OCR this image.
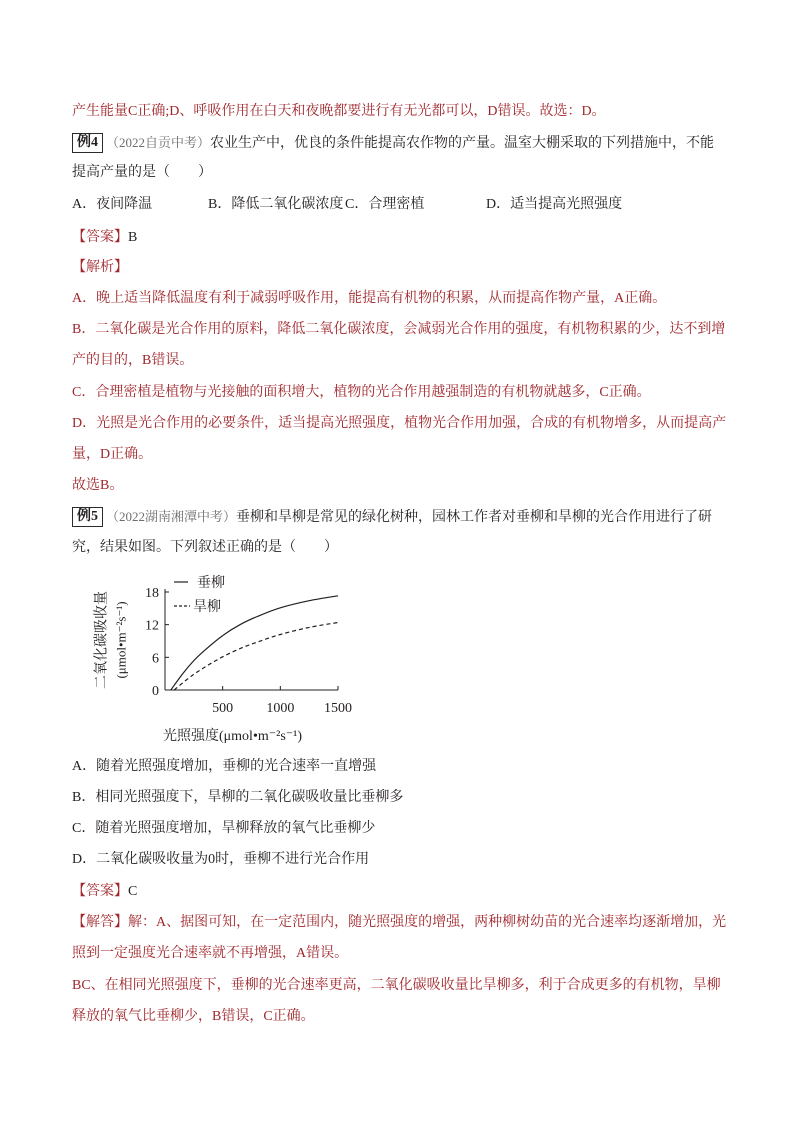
产生能量C正确;D、呼吸作用在白天和夜晚都要进行有无光都可以，D错误。故选：D。
例4 （2022自贡中考）农业生产中，优良的条件能提高农作物的产量。温室大棚采取的下列措施中，不能
提高产量的是（　　）
A．夜间降温	B．降低二氧化碳浓度 C．合理密植	D．适当提高光照强度
【答案】B
【解析】
A．晚上适当降低温度有利于减弱呼吸作用，能提高有机物的积累，从而提高作物产量，A正确。
B．二氧化碳是光合作用的原料，降低二氧化碳浓度，会减弱光合作用的强度，有机物积累的少，达不到增
产的目的，B错误。
C．合理密植是植物与光接触的面积增大，植物的光合作用越强制造的有机物就越多，C正确。
D．光照是光合作用的必要条件，适当提高光照强度，植物光合作用加强，合成的有机物增多，从而提高产
量，D正确。
故选B。
例5 （2022湖南湘潭中考）垂柳和旱柳是常见的绿化树种，园林工作者对垂柳和旱柳的光合作用进行了研
究，结果如图。下列叙述正确的是（　　）
二氧化碳吸收量 (μmol•m⁻²s⁻¹)
垂柳
旱柳
光照强度(μmol•m⁻²s⁻¹)
0
6
12
18
500 1000 1500
A．随着光照强度增加，垂柳的光合速率一直增强
B．相同光照强度下，旱柳的二氧化碳吸收量比垂柳多
C．随着光照强度增加，旱柳释放的氧气比垂柳少
D．二氧化碳吸收量为0时，垂柳不进行光合作用
【答案】C
【解答】解：A、据图可知，在一定范围内，随光照强度的增强，两种柳树幼苗的光合速率均逐渐增加，光
照到一定强度光合速率就不再增强，A错误。
BC、在相同光照强度下，垂柳的光合速率更高，二氧化碳吸收量比旱柳多，利于合成更多的有机物，旱柳
释放的氧气比垂柳少，B错误，C正确。
